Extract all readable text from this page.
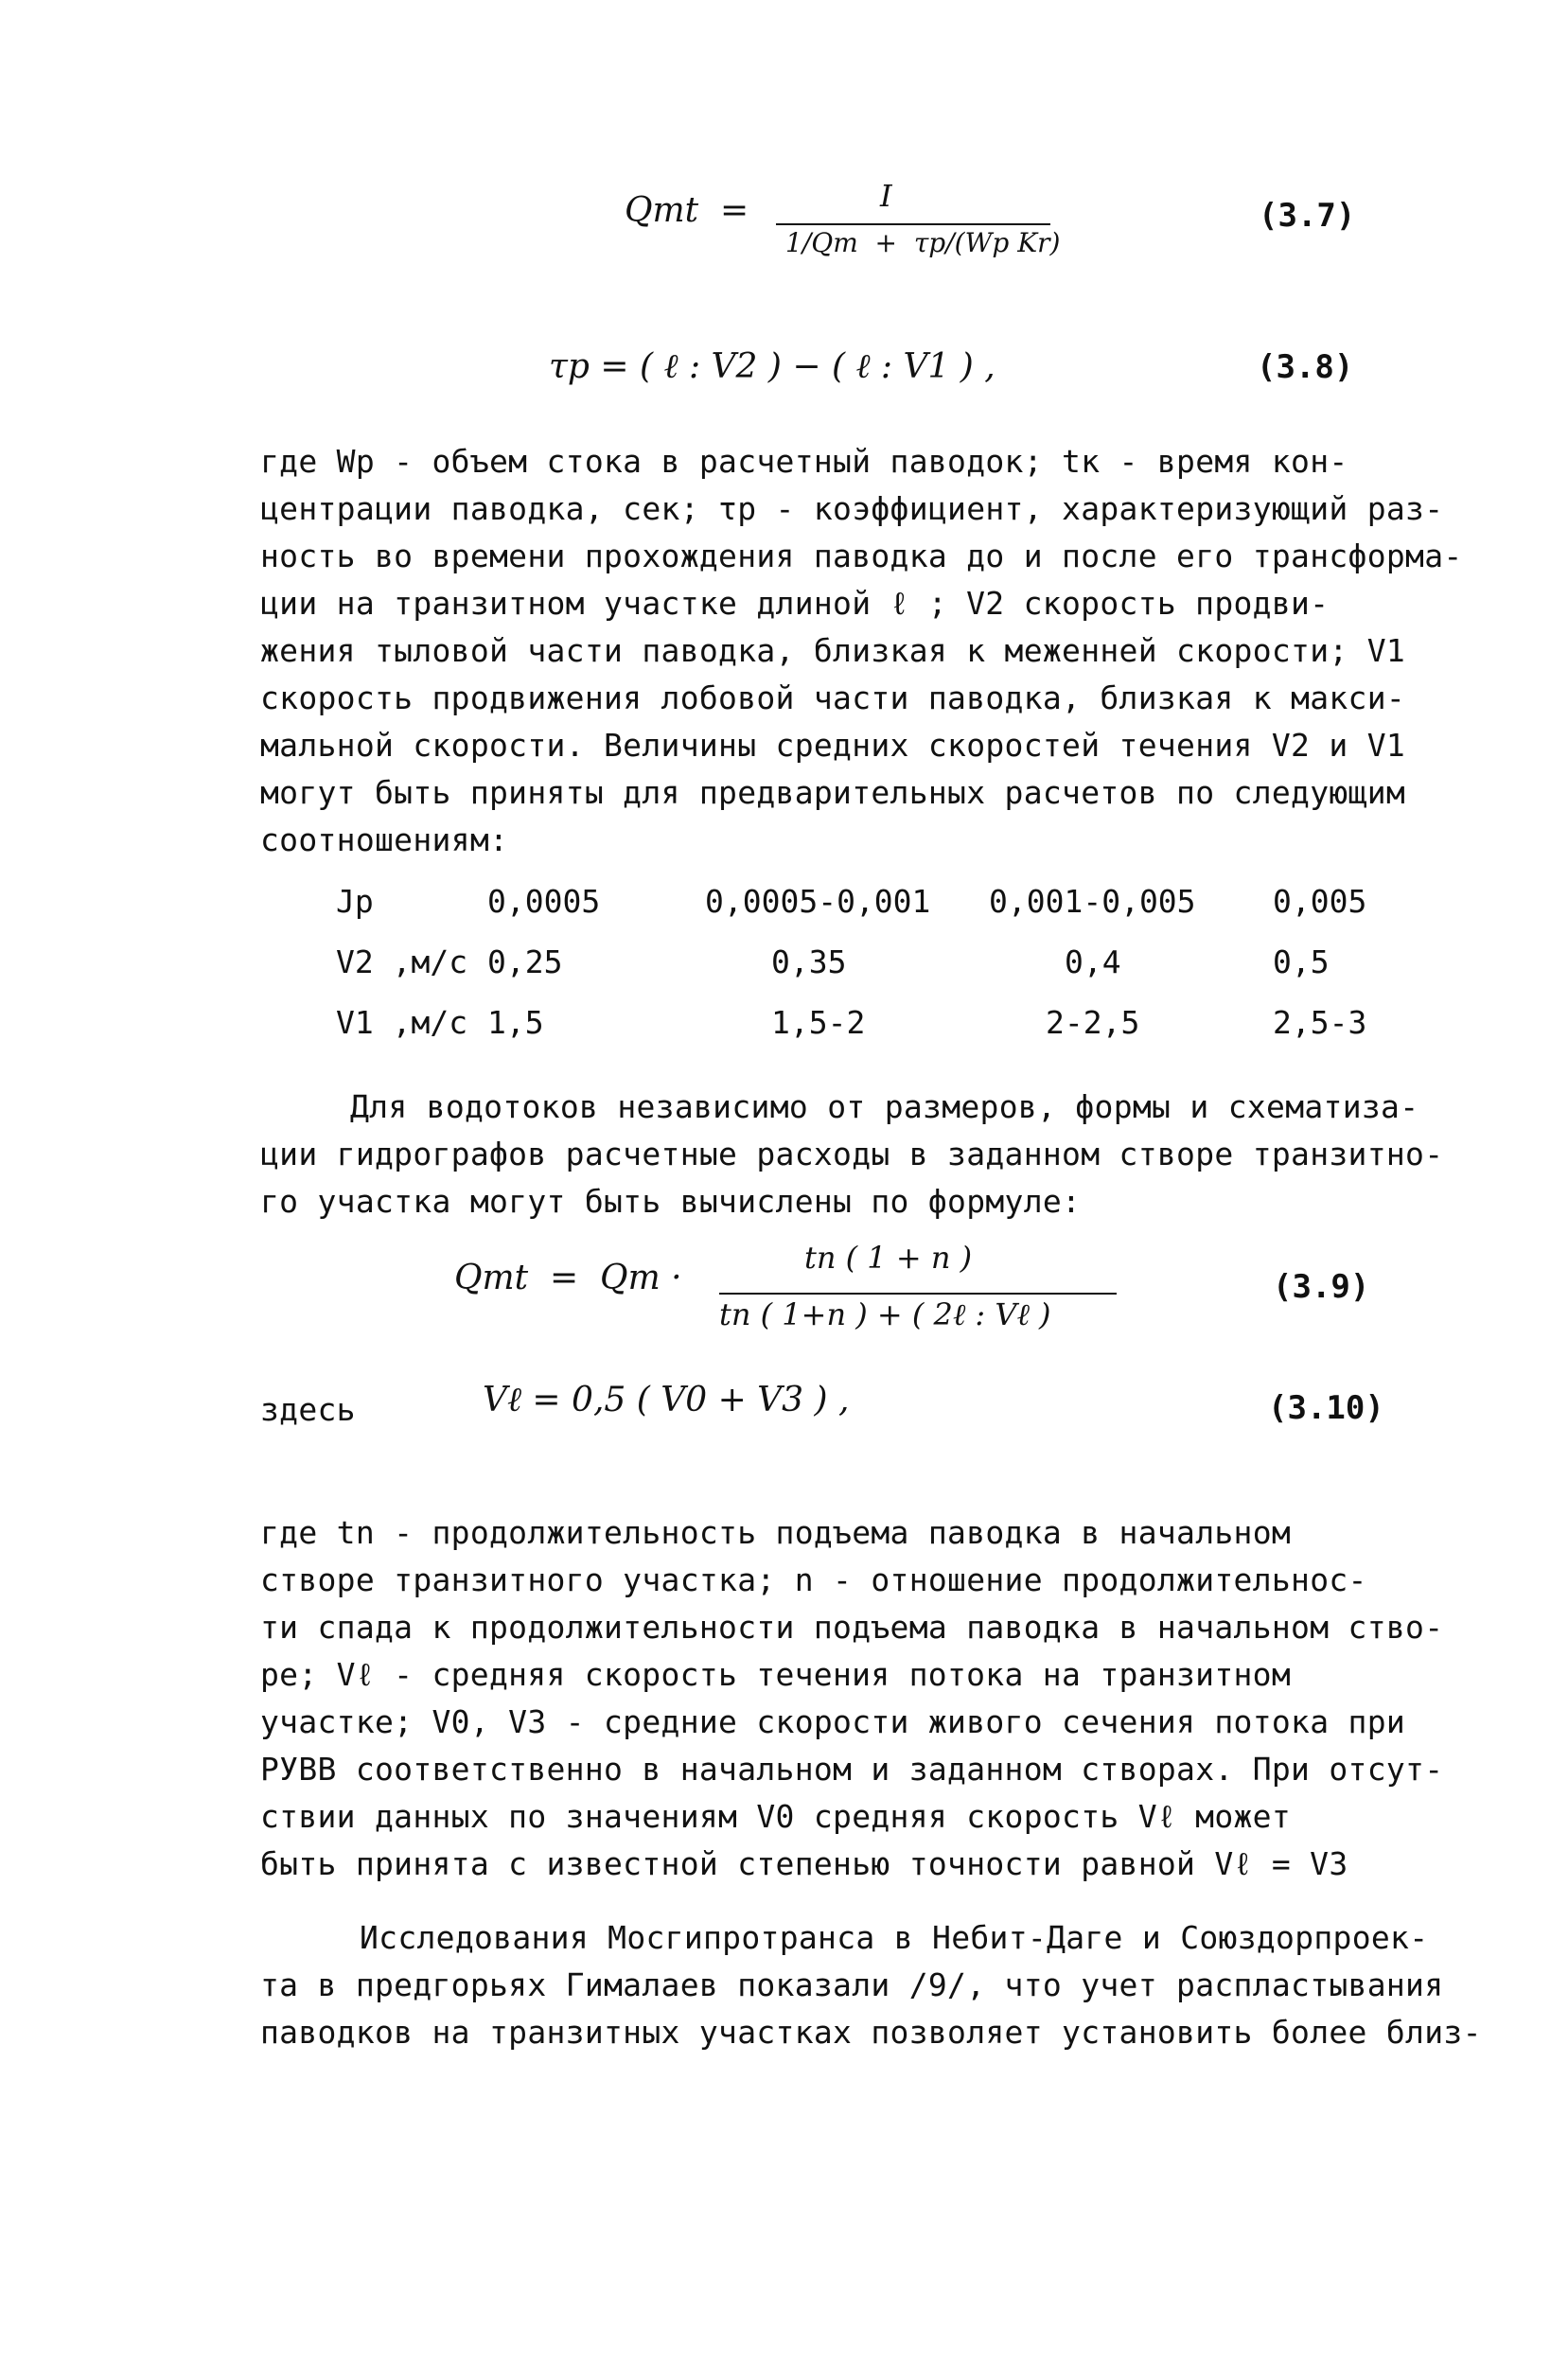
Qmt  =	I
1/Qm  +  τp/(Wp Kr)
(3.7)
τp = ( ℓ : V2 ) − ( ℓ : V1 ) ,	(3.8)
где Wp - объем стока в расчетный паводок; tк - время кон-
центрации паводка, сек; τp - коэффициент, характеризующий раз-
ность во времени прохождения паводка до и после его трансформа-
ции на транзитном участке длиной ℓ ; V2 скорость продви-
жения тыловой части паводка, близкая к меженней скорости; V1
скорость продвижения лобовой части паводка, близкая к макси-
мальной скорости. Величины средних скоростей течения V2 и V1
могут быть приняты для предварительных расчетов по следующим
соотношениям:
Jp	0,0005	0,0005-0,001	0,001-0,005	0,005
V2 ,м/с	0,25	0,35	0,4	0,5
V1 ,м/с	1,5	1,5-2	2-2,5	2,5-3
Для водотоков независимо от размеров, формы и схематиза-
ции гидрографов расчетные расходы в заданном створе транзитно-
го участка могут быть вычислены по формуле:
Qmt  =  Qm ·
tn ( 1 + n )
tn ( 1+n ) + ( 2ℓ : Vℓ )
(3.9)
здесь	Vℓ = 0,5 ( V0 + V3 ) ,	(3.10)
где tn - продолжительность подъема паводка в начальном
створе транзитного участка; n - отношение продолжительнос-
ти спада к продолжительности подъема паводка в начальном ство-
ре; Vℓ - средняя скорость течения потока на транзитном
участке; V0, V3 - средние скорости живого сечения потока при
РУВВ соответственно в начальном и заданном створах. При отсут-
ствии данных по значениям V0 средняя скорость Vℓ может
быть принята с известной степенью точности равной Vℓ = V3
Исследования Мосгипротранса в Небит-Даге и Союздорпроек-
та в предгорьях Гималаев показали /9/, что учет распластывания
паводков на транзитных участках позволяет установить более близ-
